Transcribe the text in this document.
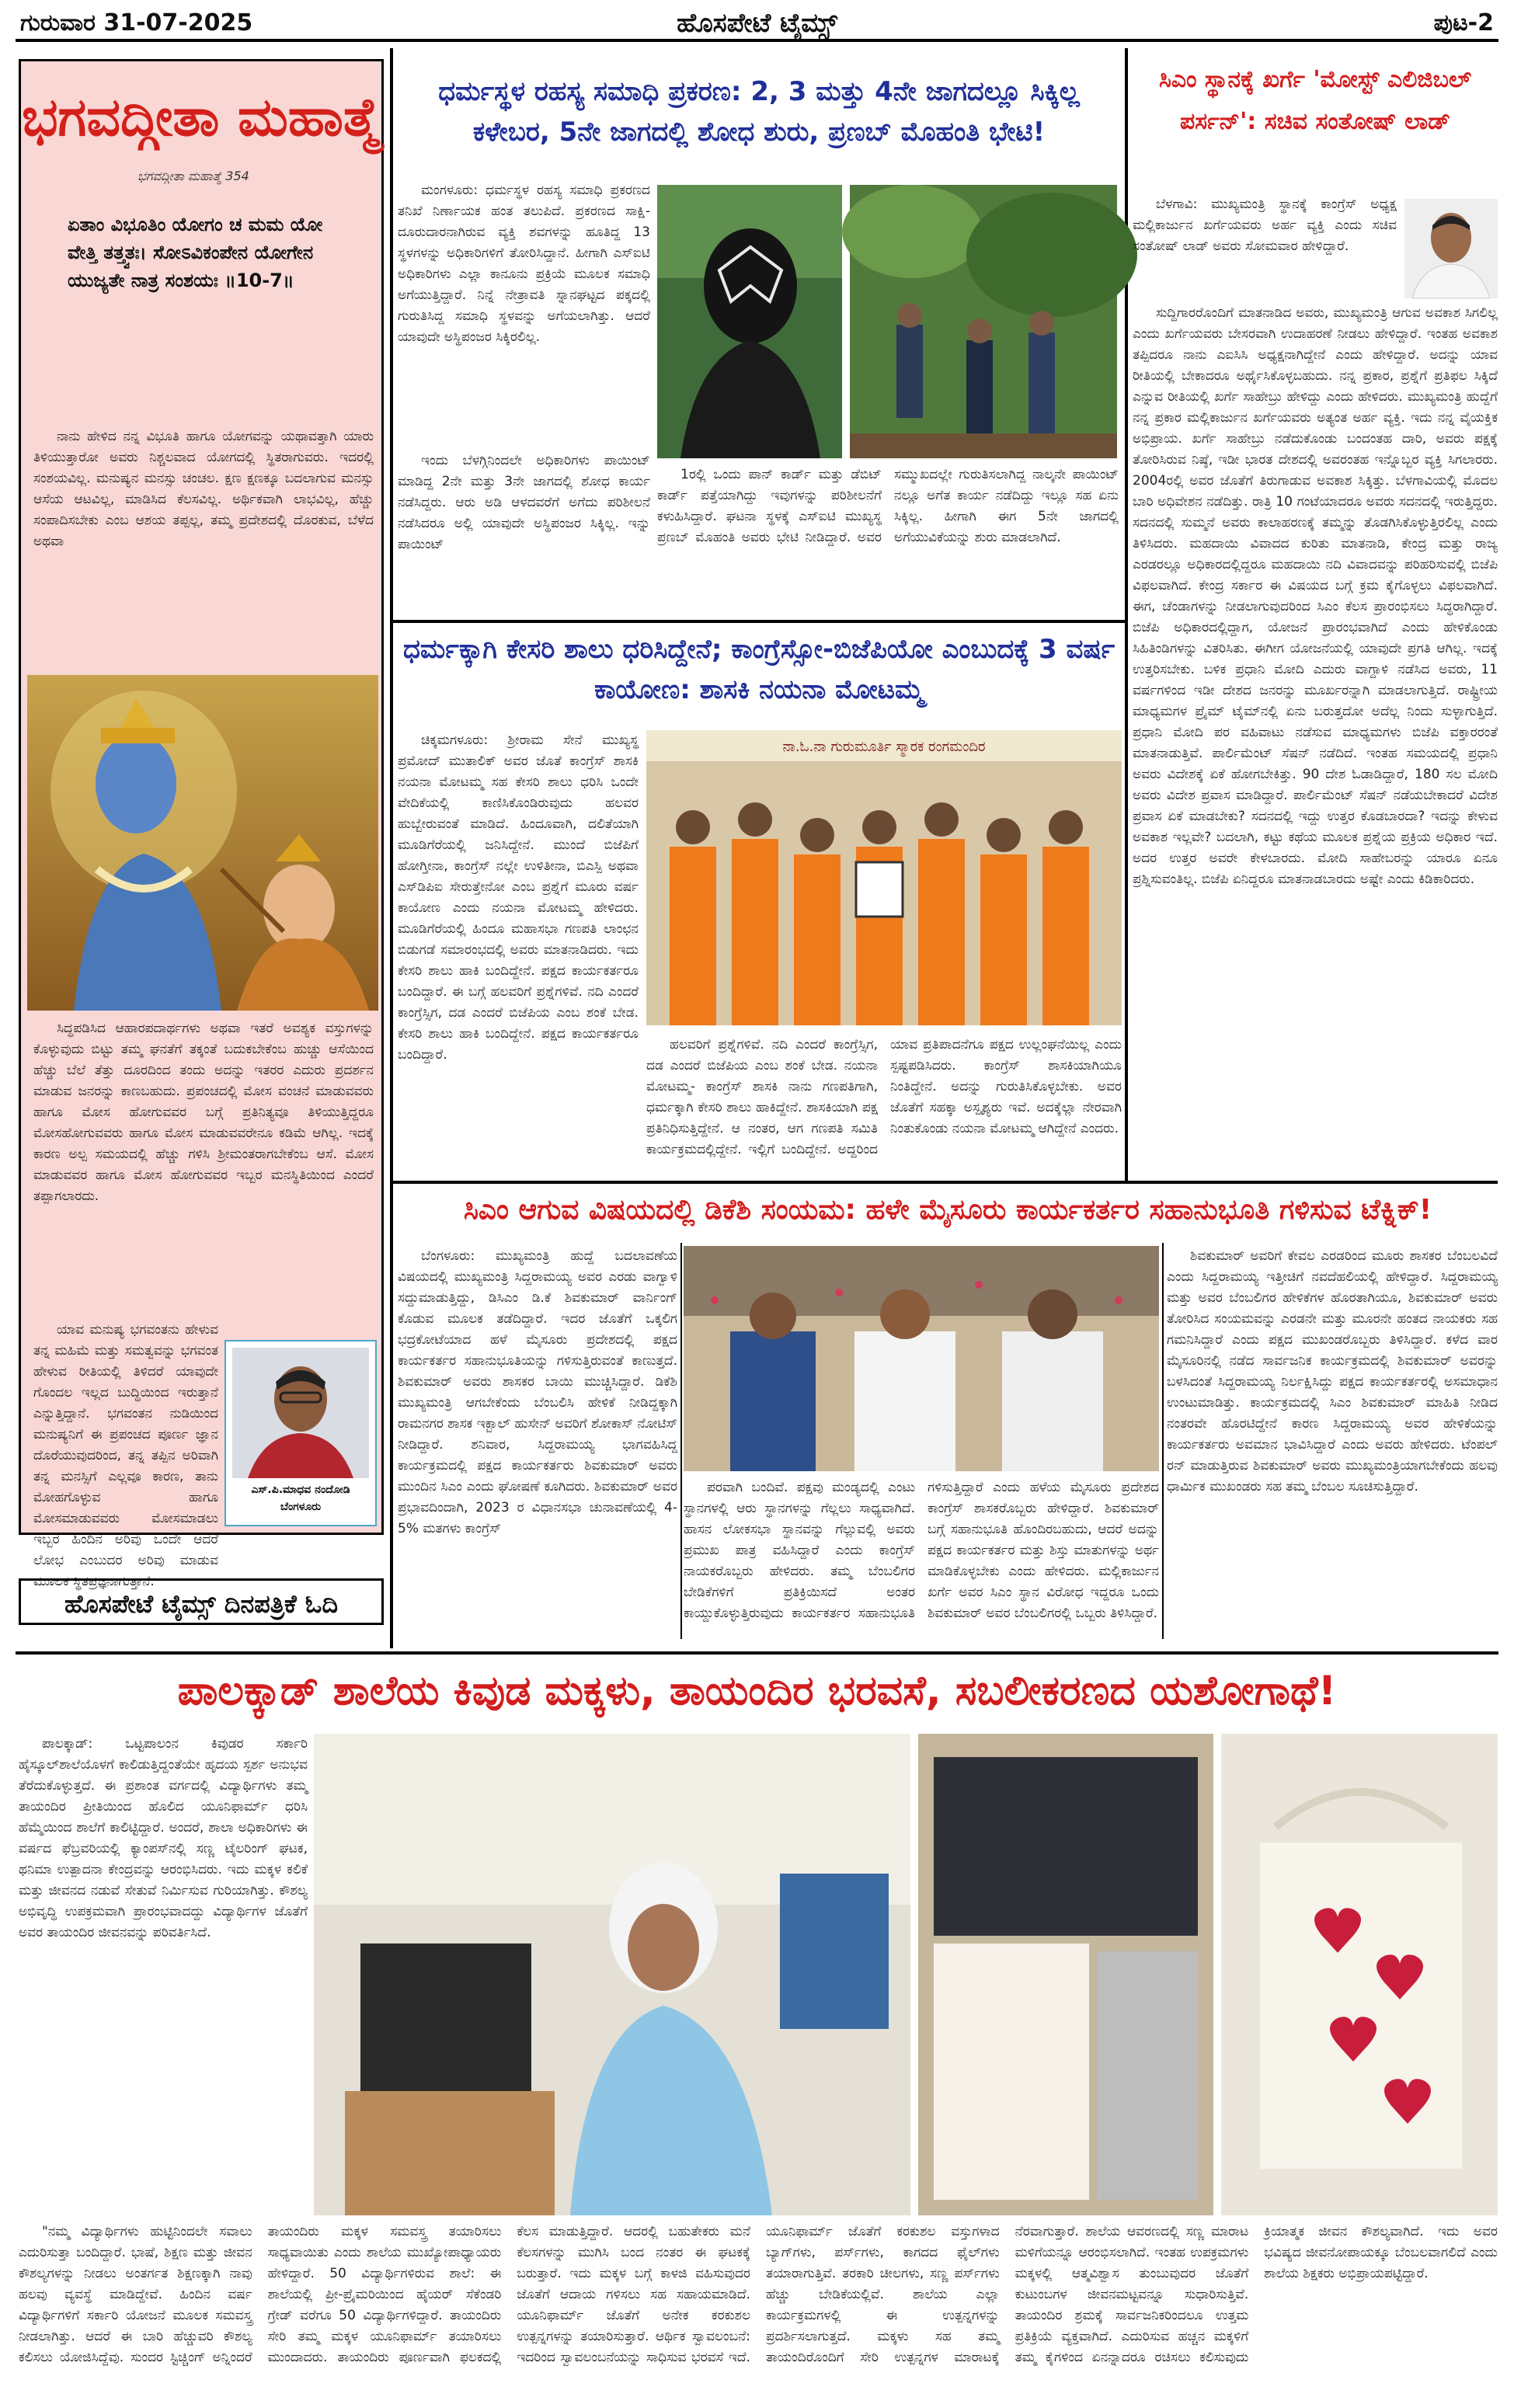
ಗುರುವಾರ 31-07-2025	ಹೊಸಪೇಟೆ ಟೈಮ್ಸ್	ಪುಟ-2
ಭಗವದ್ಗೀತಾ ಮಹಾತ್ಮೆ
ಭಗವದ್ಗೀತಾ ಮಹಾತ್ಮೆ 354
ಏತಾಂ ವಿಭೂತಿಂ ಯೋಗಂ ಚ ಮಮ ಯೋ ವೇತ್ತಿ ತತ್ತ್ವತಃ। ಸೋಽವಿಕಂಪೇನ ಯೋಗೇನ ಯುಜ್ಯತೇ ನಾತ್ರ ಸಂಶಯಃ ॥10-7॥

ನಾನು ಹೇಳಿದ ನನ್ನ ವಿಭೂತಿ ಹಾಗೂ ಯೋಗವನ್ನು ಯಥಾವತ್ತಾಗಿ ಯಾರು ತಿಳಿಯುತ್ತಾರೋ ಅವರು ನಿಶ್ಚಲವಾದ ಯೋಗದಲ್ಲಿ ಸ್ಥಿತರಾಗುವರು. ಇದರಲ್ಲಿ ಸಂಶಯವಿಲ್ಲ. ಮನುಷ್ಯನ ಮನಸ್ಸು ಚಂಚಲ. ಕ್ಷಣ ಕ್ಷಣಕ್ಕೂ ಬದಲಾಗುವ ಮನಸ್ಸು ಆಸೆಯ ಆಟವಿಲ್ಲ, ಮಾಡಿಸಿದ ಕೆಲಸವಿಲ್ಲ. ಅರ್ಥಿಕವಾಗಿ ಲಾಭವಿಲ್ಲ, ಹೆಚ್ಚು ಸಂಪಾದಿಸಬೇಕು ಎಂಬ ಆಶಯ ತಪ್ಪಲ್ಲ, ತಮ್ಮ ಪ್ರದೇಶದಲ್ಲಿ ದೊರಕುವ, ಬೆಳೆದ ಅಥವಾ

ಸಿದ್ಧಪಡಿಸಿದ ಆಹಾರಪದಾರ್ಥಗಳು ಅಥವಾ ಇತರೆ ಅವಶ್ಯಕ ವಸ್ತುಗಳನ್ನು ಕೊಳ್ಳುವುದು ಬಿಟ್ಟು ತಮ್ಮ ಘನತೆಗೆ ತಕ್ಕಂತೆ ಬದುಕಬೇಕೆಂಬ ಹುಚ್ಚು ಆಸೆಯಿಂದ ಹೆಚ್ಚು ಬೆಲೆ ತೆತ್ತು ದೂರದಿಂದ ತಂದು ಅದನ್ನು ಇತರರ ಎದುರು ಪ್ರದರ್ಶನ ಮಾಡುವ ಜನರನ್ನು ಕಾಣಬಹುದು. ಪ್ರಪಂಚದಲ್ಲಿ ಮೋಸ ವಂಚನೆ ಮಾಡುವವರು ಹಾಗೂ ಮೋಸ ಹೋಗುವವರ ಬಗ್ಗೆ ಪ್ರತಿನಿತ್ಯವೂ ತಿಳಿಯುತ್ತಿದ್ದರೂ ಮೋಸಹೋಗುವವರು ಹಾಗೂ ಮೋಸ ಮಾಡುವವರೇನೂ ಕಡಿಮೆ ಆಗಿಲ್ಲ. ಇದಕ್ಕೆ ಕಾರಣ ಅಲ್ಪ ಸಮಯದಲ್ಲಿ ಹೆಚ್ಚು ಗಳಿಸಿ ಶ್ರೀಮಂತರಾಗಬೇಕೆಂಬ ಆಸೆ. ಮೋಸ ಮಾಡುವವರ ಹಾಗೂ ಮೋಸ ಹೋಗುವವರ ಇಬ್ಬರ ಮನಸ್ಥಿತಿಯಿಂದ ಎಂದರೆ ತಪ್ಪಾಗಲಾರದು.

ಯಾವ ಮನುಷ್ಯ ಭಗವಂತನು ಹೇಳುವ ತನ್ನ ಮಹಿಮೆ ಮತ್ತು ಸಮತ್ವವನ್ನು ಭಗವಂತ ಹೇಳುವ ರೀತಿಯಲ್ಲಿ ತಿಳಿದರೆ ಯಾವುದೇ ಗೊಂದಲ ಇಲ್ಲದ ಬುದ್ಧಿಯಿಂದ ಇರುತ್ತಾನೆ ಎನ್ನುತ್ತಿದ್ದಾನೆ. ಭಗವಂತನ ನುಡಿಯಿಂದ ಮನುಷ್ಯನಿಗೆ ಈ ಪ್ರಪಂಚದ ಪೂರ್ಣ ಜ್ಞಾನ ದೊರೆಯುವುದರಿಂದ, ತನ್ನ ತಪ್ಪಿನ ಅರಿವಾಗಿ ತನ್ನ ಮನಸ್ಸಿಗೆ ಎಲ್ಲವೂ ಕಾರಣ, ತಾನು ಮೋಹಗೊಳ್ಳುವ ಹಾಗೂ ಮೋಸಮಾಡುವವರು ಮೋಸಮಾಡಲು ಇಬ್ಬರ ಹಿಂದಿನ ಅರಿವು ಒಂದೇ ಆದರೆ ಲೋಭ ಎಂಬುದರ ಅರಿವು ಮಾಡುವ ಮೂಲಕ ಸ್ಥಿತಪ್ರಜ್ಞನಾಗುತ್ತಾನೆ.

ಎಸ್.ಪಿ.ಮಾಧವ ನಂದೋಡಿ ಬೆಂಗಳೂರು
ಹೊಸಪೇಟೆ ಟೈಮ್ಸ್ ದಿನಪತ್ರಿಕೆ ಓದಿ
ಧರ್ಮಸ್ಥಳ ರಹಸ್ಯ ಸಮಾಧಿ ಪ್ರಕರಣ: 2, 3 ಮತ್ತು 4ನೇ ಜಾಗದಲ್ಲೂ ಸಿಕ್ಕಿಲ್ಲ ಕಳೇಬರ, 5ನೇ ಜಾಗದಲ್ಲಿ ಶೋಧ ಶುರು, ಪ್ರಣಬ್ ಮೊಹಂತಿ ಭೇಟಿ!

ಮಂಗಳೂರು: ಧರ್ಮಸ್ಥಳ ರಹಸ್ಯ ಸಮಾಧಿ ಪ್ರಕರಣದ ತನಿಖೆ ನಿರ್ಣಾಯಕ ಹಂತ ತಲುಪಿದೆ. ಪ್ರಕರಣದ ಸಾಕ್ಷಿ-ದೂರುದಾರನಾಗಿರುವ ವ್ಯಕ್ತಿ ಶವಗಳನ್ನು ಹೂತಿದ್ದ 13 ಸ್ಥಳಗಳನ್ನು ಅಧಿಕಾರಿಗಳಿಗೆ ತೋರಿಸಿದ್ದಾನೆ. ಹೀಗಾಗಿ ಎಸ್ಐಟಿ ಅಧಿಕಾರಿಗಳು ಎಲ್ಲಾ ಕಾನೂನು ಪ್ರಕ್ರಿಯೆ ಮೂಲಕ ಸಮಾಧಿ ಅಗೆಯುತ್ತಿದ್ದಾರೆ. ನಿನ್ನೆ ನೇತ್ರಾವತಿ ಸ್ನಾನಘಟ್ಟದ ಪಕ್ಕದಲ್ಲಿ ಗುರುತಿಸಿದ್ದ ಸಮಾಧಿ ಸ್ಥಳವನ್ನು ಅಗೆಯಲಾಗಿತ್ತು. ಆದರೆ ಯಾವುದೇ ಅಸ್ಥಿಪಂಜರ ಸಿಕ್ಕಿರಲಿಲ್ಲ.

ಇಂದು ಬೆಳಗ್ಗಿನಿಂದಲೇ ಅಧಿಕಾರಿಗಳು ಪಾಯಿಂಟ್ ಮಾಡಿದ್ದ 2ನೇ ಮತ್ತು 3ನೇ ಜಾಗದಲ್ಲಿ ಶೋಧ ಕಾರ್ಯ ನಡೆಸಿದ್ದರು. ಆರು ಅಡಿ ಆಳದವರೆಗೆ ಅಗೆದು ಪರಿಶೀಲನೆ ನಡೆಸಿದರೂ ಅಲ್ಲಿ ಯಾವುದೇ ಅಸ್ಥಿಪಂಜರ ಸಿಕ್ಕಿಲ್ಲ. ಇನ್ನು ಪಾಯಿಂಟ್

1ರಲ್ಲಿ ಒಂದು ಪಾನ್ ಕಾರ್ಡ್ ಮತ್ತು ಡೆಬಿಟ್ ಕಾರ್ಡ್ ಪತ್ತೆಯಾಗಿದ್ದು ಇವುಗಳನ್ನು ಪರಿಶೀಲನೆಗೆ ಕಳುಹಿಸಿದ್ದಾರೆ. ಘಟನಾ ಸ್ಥಳಕ್ಕೆ ಎಸ್ಐಟಿ ಮುಖ್ಯಸ್ಥ ಪ್ರಣಬ್ ಮೊಹಂತಿ ಅವರು ಭೇಟಿ ನೀಡಿದ್ದಾರೆ. ಅವರ ಸಮ್ಮುಖದಲ್ಲೇ ಗುರುತಿಸಲಾಗಿದ್ದ ನಾಲ್ಕನೇ ಪಾಯಿಂಟ್ ನಲ್ಲೂ ಅಗೆತ ಕಾರ್ಯ ನಡೆದಿದ್ದು ಇಲ್ಲೂ ಸಹ ಏನು ಸಿಕ್ಕಿಲ್ಲ. ಹೀಗಾಗಿ ಈಗ 5ನೇ ಜಾಗದಲ್ಲಿ ಅಗೆಯುವಿಕೆಯನ್ನು ಶುರು ಮಾಡಲಾಗಿದೆ.

ಧರ್ಮಕ್ಕಾಗಿ ಕೇಸರಿ ಶಾಲು ಧರಿಸಿದ್ದೇನೆ; ಕಾಂಗ್ರೆಸ್ಸೋ-ಬಿಜೆಪಿಯೋ ಎಂಬುದಕ್ಕೆ 3 ವರ್ಷ ಕಾಯೋಣ: ಶಾಸಕಿ ನಯನಾ ಮೋಟಮ್ಮ

ಚಿಕ್ಕಮಗಳೂರು: ಶ್ರೀರಾಮ ಸೇನೆ ಮುಖ್ಯಸ್ಥ ಪ್ರಮೋದ್ ಮುತಾಲಿಕ್ ಅವರ ಜೊತೆ ಕಾಂಗ್ರೆಸ್ ಶಾಸಕಿ ನಯನಾ ಮೋಟಮ್ಮ ಸಹ ಕೇಸರಿ ಶಾಲು ಧರಿಸಿ ಒಂದೇ ವೇದಿಕೆಯಲ್ಲಿ ಕಾಣಿಸಿಕೊಂಡಿರುವುದು ಹಲವರ ಹುಬ್ಬೇರುವಂತೆ ಮಾಡಿದೆ. ಹಿಂದೂವಾಗಿ, ದಲಿತೆಯಾಗಿ ಮೂಡಿಗೆರೆಯಲ್ಲಿ ಜನಿಸಿದ್ದೇನೆ. ಮುಂದೆ ಬಿಜೆಪಿಗೆ ಹೋಗ್ತೀನಾ, ಕಾಂಗ್ರೆಸ್ ನಲ್ಲೇ ಉಳಿತೀನಾ, ಬಿಎಸ್ಪಿ ಅಥವಾ ಎಸ್‌ಡಿಪಿಐ ಸೇರುತ್ತೇನೋ ಎಂಬ ಪ್ರಶ್ನೆಗೆ ಮೂರು ವರ್ಷ ಕಾಯೋಣ ಎಂದು ನಯನಾ ಮೋಟಮ್ಮ ಹೇಳಿದರು. ಮೂಡಿಗೆರೆಯಲ್ಲಿ ಹಿಂದೂ ಮಹಾಸಭಾ ಗಣಪತಿ ಲಾಂಛನ ಬಿಡುಗಡೆ ಸಮಾರಂಭದಲ್ಲಿ ಅವರು ಮಾತನಾಡಿದರು. ಇದು ಕೇಸರಿ ಶಾಲು ಹಾಕಿ ಬಂದಿದ್ದೇನೆ. ಪಕ್ಷದ ಕಾರ್ಯಕರ್ತರೂ ಬಂದಿದ್ದಾರೆ. ಈ ಬಗ್ಗೆ ಹಲವರಿಗೆ ಪ್ರಶ್ನೆಗಳಿವೆ. ನದಿ ಎಂದರೆ ಕಾಂಗ್ರೆಸ್ಸಿಗ, ದಡ ಎಂದರೆ ಬಿಜೆಪಿಯ ಎಂಬ ಶಂಕೆ ಬೇಡ. ಕೇಸರಿ ಶಾಲು ಹಾಕಿ ಬಂದಿದ್ದೇನೆ. ಪಕ್ಷದ ಕಾರ್ಯಕರ್ತರೂ ಬಂದಿದ್ದಾರೆ.

ನಾ.ಓ.ನಾ ಗುರುಮೂರ್ತಿ ಸ್ಮಾರಕ ರಂಗಮಂದಿರ

ಹಲವರಿಗೆ ಪ್ರಶ್ನೆಗಳಿವೆ. ನದಿ ಎಂದರೆ ಕಾಂಗ್ರೆಸ್ಸಿಗ, ದಡ ಎಂದರೆ ಬಿಜೆಪಿಯ ಎಂಬ ಶಂಕೆ ಬೇಡ. ನಯನಾ ಮೋಟಮ್ಮ- ಕಾಂಗ್ರೆಸ್ ಶಾಸಕಿ ನಾನು ಗಣಪತಿಗಾಗಿ, ಧರ್ಮಕ್ಕಾಗಿ ಕೇಸರಿ ಶಾಲು ಹಾಕಿದ್ದೇನೆ. ಶಾಸಕಿಯಾಗಿ ಪಕ್ಷ ಪ್ರತಿನಿಧಿಸುತ್ತಿದ್ದೇನೆ. ಆ ನಂತರ, ಆಗ ಗಣಪತಿ ಸಮಿತಿ ಕಾರ್ಯಕ್ರಮದಲ್ಲಿದ್ದೇನೆ. ಇಲ್ಲಿಗೆ ಬಂದಿದ್ದೇನೆ. ಅದ್ದರಿಂದ ಯಾವ ಪ್ರತಿಪಾದನೆಗೂ ಪಕ್ಷದ ಉಲ್ಲಂಘನೆಯಿಲ್ಲ ಎಂದು ಸ್ಪಷ್ಟಪಡಿಸಿದರು. ಕಾಂಗ್ರೆಸ್ ಶಾಸಕಿಯಾಗಿಯೂ ನಿಂತಿದ್ದೇನೆ. ಅದನ್ನು ಗುರುತಿಸಿಕೊಳ್ಳಬೇಕು. ಅವರ ಜೊತೆಗೆ ಸಹಕ್ಕಾ ಅಸ್ಪೃಶ್ಯರು ಇವೆ. ಅದಕ್ಕೆಲ್ಲಾ ನೇರವಾಗಿ ನಿಂತುಕೊಂಡು ನಯನಾ ಮೋಟಮ್ಮ ಆಗಿದ್ದೇನೆ ಎಂದರು.

ಸಿಎಂ ಸ್ಥಾನಕ್ಕೆ ಖರ್ಗೆ 'ಮೋಸ್ಟ್ ಎಲಿಜಿಬಲ್ ಪರ್ಸನ್': ಸಚಿವ ಸಂತೋಷ್ ಲಾಡ್

ಬೆಳಗಾವಿ: ಮುಖ್ಯಮಂತ್ರಿ ಸ್ಥಾನಕ್ಕೆ ಕಾಂಗ್ರೆಸ್ ಅಧ್ಯಕ್ಷ ಮಲ್ಲಿಕಾರ್ಜುನ ಖರ್ಗೆಯವರು ಅರ್ಹ ವ್ಯಕ್ತಿ ಎಂದು ಸಚಿವ ಸಂತೋಷ್ ಲಾಡ್ ಅವರು ಸೋಮವಾರ ಹೇಳಿದ್ದಾರೆ.

ಸುದ್ದಿಗಾರರೊಂದಿಗೆ ಮಾತನಾಡಿದ ಅವರು, ಮುಖ್ಯಮಂತ್ರಿ ಆಗುವ ಅವಕಾಶ ಸಿಗಲಿಲ್ಲ ಎಂದು ಖರ್ಗೆಯವರು ಬೇಸರವಾಗಿ ಉದಾಹರಣೆ ನೀಡಲು ಹೇಳಿದ್ದಾರೆ. ಇಂತಹ ಅವಕಾಶ ತಪ್ಪಿದರೂ ನಾನು ಎಐಸಿಸಿ ಅಧ್ಯಕ್ಷನಾಗಿದ್ದೇನೆ ಎಂದು ಹೇಳಿದ್ದಾರೆ. ಅದನ್ನು ಯಾವ ರೀತಿಯಲ್ಲಿ ಬೇಕಾದರೂ ಅರ್ಥೈಸಿಕೊಳ್ಳಬಹುದು. ನನ್ನ ಪ್ರಕಾರ, ಪ್ರಶ್ನೆಗೆ ಪ್ರತಿಫಲ ಸಿಕ್ಕಿದೆ ಎನ್ನುವ ರೀತಿಯಲ್ಲಿ ಖರ್ಗೆ ಸಾಹೇಬ್ರು ಹೇಳಿದ್ದು ಎಂದು ಹೇಳಿದರು. ಮುಖ್ಯಮಂತ್ರಿ ಹುದ್ದೆಗೆ ನನ್ನ ಪ್ರಕಾರ ಮಲ್ಲಿಕಾರ್ಜುನ ಖರ್ಗೆಯವರು ಅತ್ಯಂತ ಅರ್ಹ ವ್ಯಕ್ತಿ. ಇದು ನನ್ನ ವೈಯಕ್ತಿಕ ಅಭಿಪ್ರಾಯ. ಖರ್ಗೆ ಸಾಹೇಬ್ರು ನಡೆದುಕೊಂಡು ಬಂದಂತಹ ದಾರಿ, ಅವರು ಪಕ್ಷಕ್ಕೆ ತೋರಿಸಿರುವ ನಿಷ್ಠೆ, ಇಡೀ ಭಾರತ ದೇಶದಲ್ಲಿ ಅವರಂತಹ ಇನ್ನೊಬ್ಬರ ವ್ಯಕ್ತಿ ಸಿಗಲಾರರು. 2004ರಲ್ಲಿ ಅವರ ಜೊತೆಗೆ ತಿರುಗಾಡುವ ಅವಕಾಶ ಸಿಕ್ಕಿತ್ತು. ಬೆಳಗಾವಿಯಲ್ಲಿ ಮೊದಲ ಬಾರಿ ಅಧಿವೇಶನ ನಡೆದಿತ್ತು. ರಾತ್ರಿ 10 ಗಂಟೆಯಾದರೂ ಅವರು ಸದನದಲ್ಲಿ ಇರುತ್ತಿದ್ದರು. ಸದನದಲ್ಲಿ ಸುಮ್ಮನೆ ಅವರು ಕಾಲಾಹರಣಕ್ಕೆ ತಮ್ಮನ್ನು ತೊಡಗಿಸಿಕೊಳ್ಳುತ್ತಿರಲಿಲ್ಲ ಎಂದು ತಿಳಿಸಿದರು. ಮಹದಾಯಿ ವಿವಾದದ ಕುರಿತು ಮಾತನಾಡಿ, ಕೇಂದ್ರ ಮತ್ತು ರಾಜ್ಯ ಎರಡರಲ್ಲೂ ಅಧಿಕಾರದಲ್ಲಿದ್ದರೂ ಮಹದಾಯಿ ನದಿ ವಿವಾದವನ್ನು ಪರಿಹರಿಸುವಲ್ಲಿ ಬಿಜೆಪಿ ವಿಫಲವಾಗಿದೆ. ಕೇಂದ್ರ ಸರ್ಕಾರ ಈ ವಿಷಯದ ಬಗ್ಗೆ ಕ್ರಮ ಕೈಗೊಳ್ಳಲು ವಿಫಲವಾಗಿದೆ. ಈಗ, ಚೆಂಡಾಗಳನ್ನು ನೀಡಲಾಗುವುದರಿಂದ ಸಿಎಂ ಕೆಲಸ ಪ್ರಾರಂಭಿಸಲು ಸಿದ್ಧರಾಗಿದ್ದಾರೆ. ಬಿಜೆಪಿ ಅಧಿಕಾರದಲ್ಲಿದ್ದಾಗ, ಯೋಜನೆ ಪ್ರಾರಂಭವಾಗಿದೆ ಎಂದು ಹೇಳಿಕೊಂಡು ಸಿಹಿತಿಂಡಿಗಳನ್ನು ವಿತರಿಸಿತು. ಈಗೀಗ ಯೋಜನೆಯಲ್ಲಿ ಯಾವುದೇ ಪ್ರಗತಿ ಆಗಿಲ್ಲ. ಇದಕ್ಕೆ ಉತ್ತರಿಸಬೇಕು. ಬಳಿಕ ಪ್ರಧಾನಿ ಮೋದಿ ಎದುರು ವಾಗ್ದಾಳಿ ನಡೆಸಿದ ಅವರು, 11 ವರ್ಷಗಳಿಂದ ಇಡೀ ದೇಶದ ಜನರನ್ನು ಮೂರ್ಖರನ್ನಾಗಿ ಮಾಡಲಾಗುತ್ತಿದೆ. ರಾಷ್ಟ್ರೀಯ ಮಾಧ್ಯಮಗಳ ಪ್ರೈಮ್ ಟೈಮ್‌ನಲ್ಲಿ ಏನು ಬರುತ್ತದೋ ಅದೆಲ್ಲ ನಿಂದು ಸುಳ್ಳಾಗುತ್ತಿದೆ. ಪ್ರಧಾನಿ ಮೋದಿ ಪರ ವಹಿವಾಟು ನಡೆಸುವ ಮಾಧ್ಯಮಗಳು ಬಿಜೆಪಿ ವಕ್ತಾರರಂತೆ ಮಾತನಾಡುತ್ತಿವೆ. ಪಾರ್ಲಿಮೆಂಟ್ ಸೆಷನ್ ನಡೆದಿದೆ. ಇಂತಹ ಸಮಯದಲ್ಲಿ ಪ್ರಧಾನಿ ಅವರು ವಿದೇಶಕ್ಕೆ ಏಕೆ ಹೋಗಬೇಕಿತ್ತು. 90 ದೇಶ ಓಡಾಡಿದ್ದಾರೆ, 180 ಸಲ ಮೋದಿ ಅವರು ವಿದೇಶ ಪ್ರವಾಸ ಮಾಡಿದ್ದಾರೆ. ಪಾರ್ಲಿಮೆಂಟ್ ಸೆಷನ್ ನಡೆಯಬೇಕಾದರೆ ವಿದೇಶ ಪ್ರವಾಸ ಏಕೆ ಮಾಡಬೇಕು? ಸದನದಲ್ಲಿ ಇದ್ದು ಉತ್ತರ ಕೊಡಬಾರದಾ? ಇದನ್ನು ಕೇಳುವ ಅವಕಾಶ ಇಲ್ಲವೇ? ಬದಲಾಗಿ, ಕಟ್ಟು ಕಥೆಯ ಮೂಲಕ ಪ್ರಶ್ನೆಯ ಪ್ರಕ್ರಿಯ ಅಧಿಕಾರ ಇದೆ. ಅದರ ಉತ್ತರ ಅವರೇ ಕೇಳಬಾರದು. ಮೋದಿ ಸಾಹೇಬರನ್ನು ಯಾರೂ ಏನೂ ಪ್ರಶ್ನಿಸುವಂತಿಲ್ಲ. ಬಿಜೆಪಿ ಏನಿದ್ದರೂ ಮಾತನಾಡಬಾರದು ಅಷ್ಟೇ ಎಂದು ಕಿಡಿಕಾರಿದರು.

ಸಿಎಂ ಆಗುವ ವಿಷಯದಲ್ಲಿ ಡಿಕೆಶಿ ಸಂಯಮ: ಹಳೇ ಮೈಸೂರು ಕಾರ್ಯಕರ್ತರ ಸಹಾನುಭೂತಿ ಗಳಿಸುವ ಟೆಕ್ನಿಕ್!

ಬೆಂಗಳೂರು: ಮುಖ್ಯಮಂತ್ರಿ ಹುದ್ದೆ ಬದಲಾವಣೆಯ ವಿಷಯದಲ್ಲಿ ಮುಖ್ಯಮಂತ್ರಿ ಸಿದ್ದರಾಮಯ್ಯ ಅವರ ಎರಡು ವಾಗ್ವಾಳಿ ಸದ್ದುಮಾಡುತ್ತಿದ್ದು, ಡಿಸಿಎಂ ಡಿ.ಕೆ ಶಿವಕುಮಾರ್ ವಾರ್ನಿಂಗ್ ಕೊಡುವ ಮೂಲಕ ತಡೆದಿದ್ದಾರೆ. ಇದರ ಜೊತೆಗೆ ಒಕ್ಕಲಿಗ ಭದ್ರಕೋಟೆಯಾದ ಹಳೆ ಮೈಸೂರು ಪ್ರದೇಶದಲ್ಲಿ ಪಕ್ಷದ ಕಾರ್ಯಕರ್ತರ ಸಹಾನುಭೂತಿಯನ್ನು ಗಳಿಸುತ್ತಿರುವಂತೆ ಕಾಣುತ್ತದೆ. ಶಿವಕುಮಾರ್ ಅವರು ಶಾಸಕರ ಬಾಯಿ ಮುಚ್ಚಿಸಿದ್ದಾರೆ. ಡಿಕೆಶಿ ಮುಖ್ಯಮಂತ್ರಿ ಆಗಬೇಕೆಂದು ಬೆಂಬಲಿಸಿ ಹೇಳಿಕೆ ನೀಡಿದ್ದಕ್ಕಾಗಿ ರಾಮನಗರ ಶಾಸಕ ಇಕ್ಬಾಲ್ ಹುಸೇನ್ ಅವರಿಗೆ ಶೋಕಾಸ್ ನೋಟಿಸ್ ನೀಡಿದ್ದಾರೆ. ಶನಿವಾರ, ಸಿದ್ದರಾಮಯ್ಯ ಭಾಗವಹಿಸಿದ್ದ ಕಾರ್ಯಕ್ರಮದಲ್ಲಿ ಪಕ್ಷದ ಕಾರ್ಯಕರ್ತರು ಶಿವಕುಮಾರ್ ಅವರು ಮುಂದಿನ ಸಿಎಂ ಎಂದು ಘೋಷಣೆ ಕೂಗಿದರು. ಶಿವಕುಮಾರ್ ಅವರ ಪ್ರಭಾವದಿಂದಾಗಿ, 2023 ರ ವಿಧಾನಸಭಾ ಚುನಾವಣೆಯಲ್ಲಿ 4-5% ಮತಗಳು ಕಾಂಗ್ರೆಸ್

ಪರವಾಗಿ ಬಂದಿವೆ. ಪಕ್ಷವು ಮಂಡ್ಯದಲ್ಲಿ ಎಂಟು ಸ್ಥಾನಗಳಲ್ಲಿ ಆರು ಸ್ಥಾನಗಳನ್ನು ಗೆಲ್ಲಲು ಸಾಧ್ಯವಾಗಿದೆ. ಹಾಸನ ಲೋಕಸಭಾ ಸ್ಥಾನವನ್ನು ಗೆಲ್ಲುವಲ್ಲಿ ಅವರು ಪ್ರಮುಖ ಪಾತ್ರ ವಹಿಸಿದ್ದಾರೆ ಎಂದು ಕಾಂಗ್ರೆಸ್ ನಾಯಕರೊಬ್ಬರು ಹೇಳಿದರು. ತಮ್ಮ ಬೆಂಬಲಿಗರ ಬೇಡಿಕೆಗಳಿಗೆ ಪ್ರತಿಕ್ರಿಯಿಸದೆ ಅಂತರ ಕಾಯ್ದುಕೊಳ್ಳುತ್ತಿರುವುದು ಕಾರ್ಯಕರ್ತರ ಸಹಾನುಭೂತಿ ಗಳಿಸುತ್ತಿದ್ದಾರೆ ಎಂದು ಹಳೆಯ ಮೈಸೂರು ಪ್ರದೇಶದ ಕಾಂಗ್ರೆಸ್ ಶಾಸಕರೊಬ್ಬರು ಹೇಳಿದ್ದಾರೆ. ಶಿವಕುಮಾರ್ ಬಗ್ಗೆ ಸಹಾನುಭೂತಿ ಹೊಂದಿರಬಹುದು, ಆದರೆ ಅದನ್ನು ಪಕ್ಷದ ಕಾರ್ಯಕರ್ತರ ಮತ್ತು ಶಿಸ್ತು ಮಾತುಗಳನ್ನು ಅರ್ಥ ಮಾಡಿಕೊಳ್ಳಬೇಕು ಎಂದು ಹೇಳಿದರು. ಮಲ್ಲಿಕಾರ್ಜುನ ಖರ್ಗೆ ಅವರ ಸಿಎಂ ಸ್ಥಾನ ವಿರೋಧ ಇದ್ದರೂ ಒಂದು ಶಿವಕುಮಾರ್ ಅವರ ಬೆಂಬಲಿಗರಲ್ಲಿ ಒಬ್ಬರು ತಿಳಿಸಿದ್ದಾರೆ.

ಶಿವಕುಮಾರ್ ಅವರಿಗೆ ಕೇವಲ ಎರಡರಿಂದ ಮೂರು ಶಾಸಕರ ಬೆಂಬಲವಿದೆ ಎಂದು ಸಿದ್ದರಾಮಯ್ಯ ಇತ್ತೀಚಿಗೆ ನವದೆಹಲಿಯಲ್ಲಿ ಹೇಳಿದ್ದಾರೆ. ಸಿದ್ದರಾಮಯ್ಯ ಮತ್ತು ಅವರ ಬೆಂಬಲಿಗರ ಹೇಳಿಕೆಗಳ ಹೊರತಾಗಿಯೂ, ಶಿವಕುಮಾರ್ ಅವರು ತೋರಿಸಿದ ಸಂಯಮವನ್ನು ಎರಡನೇ ಮತ್ತು ಮೂರನೇ ಹಂತದ ನಾಯಕರು ಸಹ ಗಮನಿಸಿದ್ದಾರೆ ಎಂದು ಪಕ್ಷದ ಮುಖಂಡರೊಬ್ಬರು ತಿಳಿಸಿದ್ದಾರೆ. ಕಳೆದ ವಾರ ಮೈಸೂರಿನಲ್ಲಿ ನಡೆದ ಸಾರ್ವಜನಿಕ ಕಾರ್ಯಕ್ರಮದಲ್ಲಿ ಶಿವಕುಮಾರ್ ಅವರನ್ನು ಬಳಸಿದಂತೆ ಸಿದ್ದರಾಮಯ್ಯ ನಿರ್ಲಕ್ಷಿಸಿದ್ದು ಪಕ್ಷದ ಕಾರ್ಯಕರ್ತರಲ್ಲಿ ಅಸಮಾಧಾನ ಉಂಟುಮಾಡಿತ್ತು. ಕಾರ್ಯಕ್ರಮದಲ್ಲಿ ಸಿಎಂ ಶಿವಕುಮಾರ್ ಮಾಹಿತಿ ನೀಡಿದ ನಂತರವೇ ಹೊರಟಿದ್ದೇನೆ ಕಾರಣ ಸಿದ್ದರಾಮಯ್ಯ ಅವರ ಹೇಳಿಕೆಯನ್ನು ಕಾರ್ಯಕರ್ತರು ಅವಮಾನ ಭಾವಿಸಿದ್ದಾರೆ ಎಂದು ಅವರು ಹೇಳಿದರು. ಟೆಂಪಲ್ ರನ್ ಮಾಡುತ್ತಿರುವ ಶಿವಕುಮಾರ್ ಅವರು ಮುಖ್ಯಮಂತ್ರಿಯಾಗಬೇಕೆಂದು ಹಲವು ಧಾರ್ಮಿಕ ಮುಖಂಡರು ಸಹ ತಮ್ಮ ಬೆಂಬಲ ಸೂಚಿಸುತ್ತಿದ್ದಾರೆ.

ಪಾಲಕ್ಕಾಡ್ ಶಾಲೆಯ ಕಿವುಡ ಮಕ್ಕಳು, ತಾಯಂದಿರ ಭರವಸೆ, ಸಬಲೀಕರಣದ ಯಶೋಗಾಥೆ!

ಪಾಲಕ್ಕಾಡ್: ಒಟ್ಟಪಾಲಂನ ಕಿವುಡರ ಸರ್ಕಾರಿ ಹೈಸ್ಕೂಲ್‌ಶಾಲೆಯೊಳಗೆ ಕಾಲಿಡುತ್ತಿದ್ದಂತೆಯೇ ಹೃದಯ ಸ್ಪರ್ಶ ಅನುಭವ ತೆರೆದುಕೊಳ್ಳುತ್ತದೆ. ಈ ಪ್ರಶಾಂತ ವರ್ಗದಲ್ಲಿ ವಿದ್ಯಾರ್ಥಿಗಳು ತಮ್ಮ ತಾಯಂದಿರ ಪ್ರೀತಿಯಿಂದ ಹೊಲಿದ ಯೂನಿಫಾರ್ಮ್ ಧರಿಸಿ ಹೆಮ್ಮೆಯಿಂದ ಶಾಲೆಗೆ ಕಾಲಿಟ್ಟಿದ್ದಾರೆ. ಅಂದರೆ, ಶಾಲಾ ಅಧಿಕಾರಿಗಳು ಈ ವರ್ಷದ ಫೆಬ್ರವರಿಯಲ್ಲಿ ಕ್ಯಾಂಪಸ್‌ನಲ್ಲಿ ಸಣ್ಣ ಟೈಲರಿಂಗ್ ಘಟಕ, ಥನಿಮಾ ಉತ್ಪಾದನಾ ಕೇಂದ್ರವನ್ನು ಆರಂಭಿಸಿದರು. ಇದು ಮಕ್ಕಳ ಕಲಿಕೆ ಮತ್ತು ಜೀವನದ ನಡುವೆ ಸೇತುವೆ ನಿರ್ಮಿಸುವ ಗುರಿಯಾಗಿತ್ತು. ಕೌಶಲ್ಯ ಅಭಿವೃದ್ಧಿ ಉಪಕ್ರಮವಾಗಿ ಪ್ರಾರಂಭವಾದದ್ದು ವಿದ್ಯಾರ್ಥಿಗಳ ಜೊತೆಗೆ ಅವರ ತಾಯಂದಿರ ಜೀವನವನ್ನು ಪರಿವರ್ತಿಸಿದೆ.

"ನಮ್ಮ ವಿದ್ಯಾರ್ಥಿಗಳು ಹುಟ್ಟಿನಿಂದಲೇ ಸವಾಲು ಎದುರಿಸುತ್ತಾ ಬಂದಿದ್ದಾರೆ. ಭಾಷೆ, ಶಿಕ್ಷಣ ಮತ್ತು ಜೀವನ ಕೌಶಲ್ಯಗಳನ್ನು ನೀಡಲು ಅಂತರ್ಗತ ಶಿಕ್ಷಣಕ್ಕಾಗಿ ನಾವು ಹಲವು ವ್ಯವಸ್ಥೆ ಮಾಡಿದ್ದೇವೆ. ಹಿಂದಿನ ವರ್ಷ ವಿದ್ಯಾರ್ಥಿಗಳಿಗೆ ಸರ್ಕಾರಿ ಯೋಜನೆ ಮೂಲಕ ಸಮವಸ್ತ್ರ ನೀಡಲಾಗಿತ್ತು. ಆದರೆ ಈ ಬಾರಿ ಹೆಚ್ಚುವರಿ ಕೌಶಲ್ಯ ಕಲಿಸಲು ಯೋಜಿಸಿದ್ದೆವು. ಸುಂದರ ಸ್ಟಿಚ್ಚಿಂಗ್ ಅನ್ನಿಂದರೆ ತಾಯಂದಿರು ಮಕ್ಕಳ ಸಮವಸ್ತ್ರ ತಯಾರಿಸಲು ಸಾಧ್ಯವಾಯಿತು ಎಂದು ಶಾಲೆಯ ಮುಖ್ಯೋಪಾಧ್ಯಾಯರು ಹೇಳಿದ್ದಾರೆ. 50 ವಿದ್ಯಾರ್ಥಿಗಳಿರುವ ಶಾಲೆ: ಈ ಶಾಲೆಯಲ್ಲಿ ಪ್ರೀ-ಪ್ರೈಮರಿಯಿಂದ ಹೈಯರ್ ಸೆಕೆಂಡರಿ ಗ್ರೇಡ್ ವರೆಗೂ 50 ವಿದ್ಯಾರ್ಥಿಗಳಿದ್ದಾರೆ. ತಾಯಂದಿರು ಸೇರಿ ತಮ್ಮ ಮಕ್ಕಳ ಯೂನಿಫಾರ್ಮ್ ತಯಾರಿಸಲು ಮುಂದಾದರು. ತಾಯಂದಿರು ಪೂರ್ಣವಾಗಿ ಫಲಕದಲ್ಲಿ ಕೆಲಸ ಮಾಡುತ್ತಿದ್ದಾರೆ. ಆದರಲ್ಲಿ ಬಹುತೇಕರು ಮನೆ ಕೆಲಸಗಳನ್ನು ಮುಗಿಸಿ ಬಂದ ನಂತರ ಈ ಘಟಕಕ್ಕೆ ಬರುತ್ತಾರೆ. ಇದು ಮಕ್ಕಳ ಬಗ್ಗೆ ಕಾಳಜಿ ವಹಿಸುವುದರ ಜೊತೆಗೆ ಆದಾಯ ಗಳಿಸಲು ಸಹ ಸಹಾಯಮಾಡಿದೆ. ಯೂನಿಫಾರ್ಮ್ ಜೊತೆಗೆ ಅನೇಕ ಕರಕುಶಲ ಉತ್ಪನ್ನಗಳನ್ನು ತಯಾರಿಸುತ್ತಾರೆ. ಆರ್ಥಿಕ ಸ್ವಾವಲಂಬನೆ: ಇದರಿಂದ ಸ್ವಾವಲಂಬನೆಯನ್ನು ಸಾಧಿಸುವ ಭರವಸೆ ಇದೆ. ಯೂನಿಫಾರ್ಮ್ ಜೊತೆಗೆ ಕರಕುಶಲ ವಸ್ತುಗಳಾದ ಬ್ಯಾಗ್‌ಗಳು, ಪರ್ಸ್‌ಗಳು, ಕಾಗದದ ಫೈಲ್‌ಗಳು ತಯಾರಾಗುತ್ತಿವೆ. ತರಕಾರಿ ಚೀಲಗಳು, ಸಣ್ಣ ಪರ್ಸ್‌ಗಳು ಹೆಚ್ಚು ಬೇಡಿಕೆಯಲ್ಲಿವೆ. ಶಾಲೆಯ ಎಲ್ಲಾ ಕಾರ್ಯಕ್ರಮಗಳಲ್ಲಿ ಈ ಉತ್ಪನ್ನಗಳನ್ನು ಪ್ರದರ್ಶಿಸಲಾಗುತ್ತದೆ. ಮಕ್ಕಳು ಸಹ ತಮ್ಮ ತಾಯಂದಿರೊಂದಿಗೆ ಸೇರಿ ಉತ್ಪನ್ನಗಳ ಮಾರಾಟಕ್ಕೆ ನೆರವಾಗುತ್ತಾರೆ. ಶಾಲೆಯ ಆವರಣದಲ್ಲಿ ಸಣ್ಣ ಮಾರಾಟ ಮಳಿಗೆಯನ್ನೂ ಆರಂಭಿಸಲಾಗಿದೆ. ಇಂತಹ ಉಪಕ್ರಮಗಳು ಮಕ್ಕಳಲ್ಲಿ ಆತ್ಮವಿಶ್ವಾಸ ತುಂಬುವುದರ ಜೊತೆಗೆ ಕುಟುಂಬಗಳ ಜೀವನಮಟ್ಟವನ್ನೂ ಸುಧಾರಿಸುತ್ತಿವೆ. ತಾಯಂದಿರ ಶ್ರಮಕ್ಕೆ ಸಾರ್ವಜನಿಕರಿಂದಲೂ ಉತ್ತಮ ಪ್ರತಿಕ್ರಿಯೆ ವ್ಯಕ್ತವಾಗಿದೆ. ಎದುರಿಸುವ ಹಚ್ಚನ ಮಕ್ಕಳಿಗೆ ತಮ್ಮ ಕೈಗಳಿಂದ ಏನನ್ನಾದರೂ ರಚಿಸಲು ಕಲಿಸುವುದು ಕ್ರಿಯಾತ್ಮಕ ಜೀವನ ಕೌಶಲ್ಯವಾಗಿದೆ. ಇದು ಅವರ ಭವಿಷ್ಯದ ಜೀವನೋಪಾಯಕ್ಕೂ ಬೆಂಬಲವಾಗಲಿದೆ ಎಂದು ಶಾಲೆಯ ಶಿಕ್ಷಕರು ಅಭಿಪ್ರಾಯಪಟ್ಟಿದ್ದಾರೆ.
